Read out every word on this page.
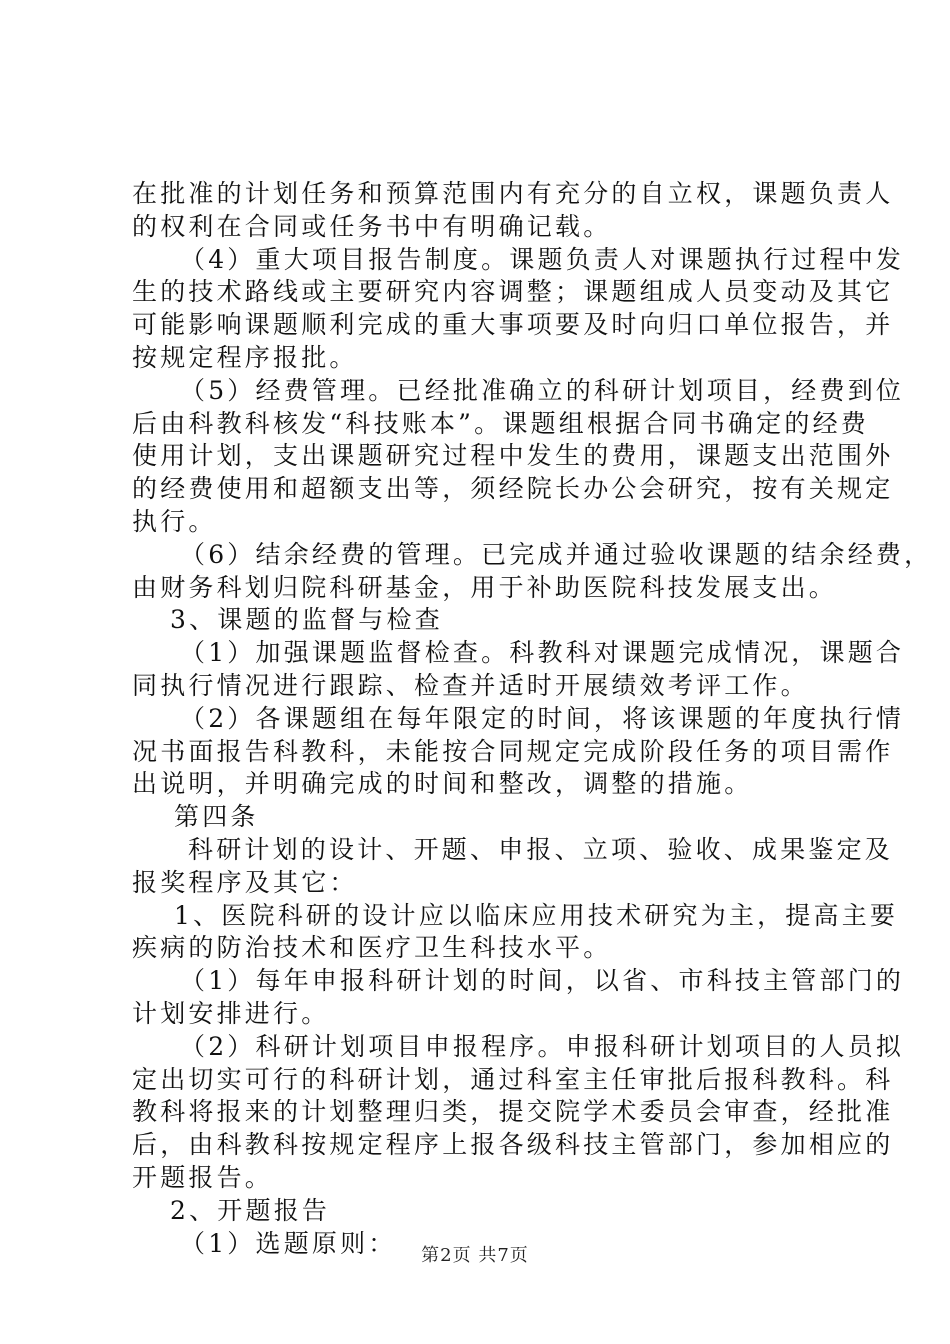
在批准的计划任务和预算范围内有充分的自立权，课题负责人
的权利在合同或任务书中有明确记载。
（4）重大项目报告制度。课题负责人对课题执行过程中发
生的技术路线或主要研究内容调整；课题组成人员变动及其它
可能影响课题顺利完成的重大事项要及时向归口单位报告，并
按规定程序报批。
（5）经费管理。已经批准确立的科研计划项目，经费到位
后由科教科核发“科技账本”。课题组根据合同书确定的经费
使用计划，支出课题研究过程中发生的费用，课题支出范围外
的经费使用和超额支出等，须经院长办公会研究，按有关规定
执行。
（6）结余经费的管理。已完成并通过验收课题的结余经费，
由财务科划归院科研基金，用于补助医院科技发展支出。
3、课题的监督与检查
（1）加强课题监督检查。科教科对课题完成情况，课题合
同执行情况进行跟踪、检查并适时开展绩效考评工作。
（2）各课题组在每年限定的时间，将该课题的年度执行情
况书面报告科教科，未能按合同规定完成阶段任务的项目需作
出说明，并明确完成的时间和整改，调整的措施。
第四条
科研计划的设计、开题、申报、立项、验收、成果鉴定及
报奖程序及其它：
1、医院科研的设计应以临床应用技术研究为主，提高主要
疾病的防治技术和医疗卫生科技水平。
（1）每年申报科研计划的时间，以省、市科技主管部门的
计划安排进行。
（2）科研计划项目申报程序。申报科研计划项目的人员拟
定出切实可行的科研计划，通过科室主任审批后报科教科。科
教科将报来的计划整理归类，提交院学术委员会审查，经批准
后，由科教科按规定程序上报各级科技主管部门，参加相应的
开题报告。
2、开题报告
（1）选题原则：	第2页 共7页
